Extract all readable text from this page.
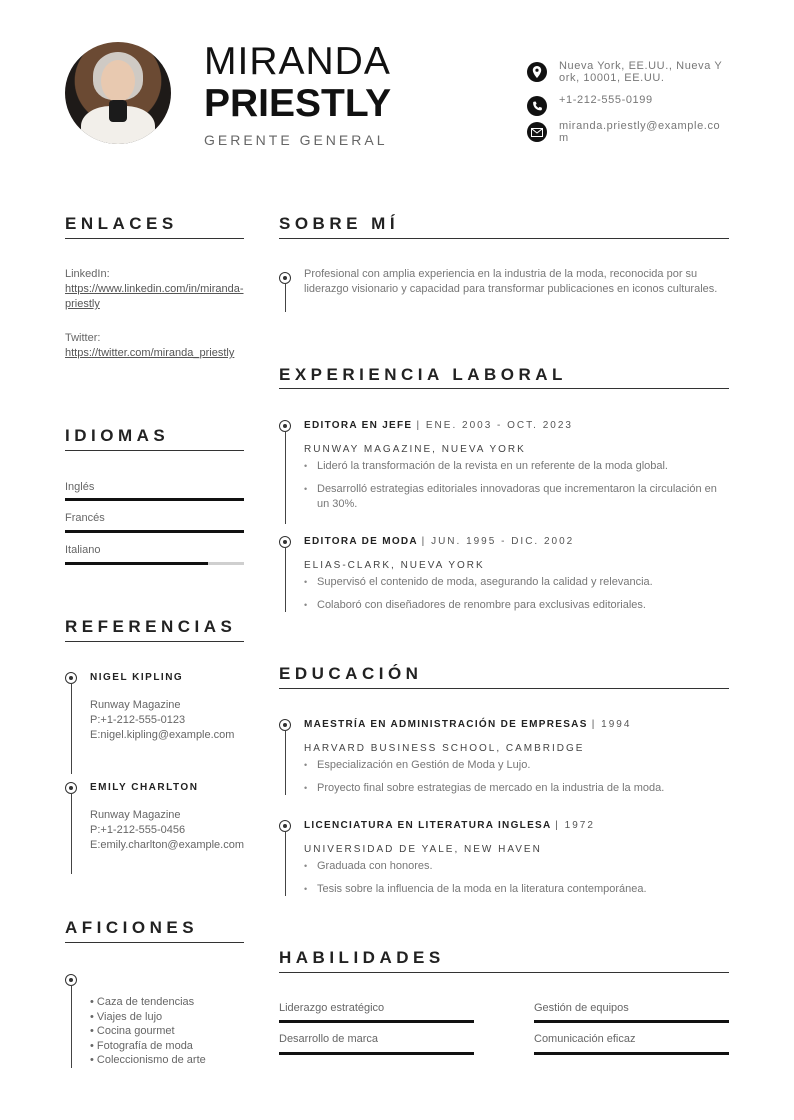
MIRANDA
PRIESTLY
GERENTE GENERAL
Nueva York, EE.UU., Nueva York, 10001, EE.UU.
+1-212-555-0199
miranda.priestly@example.com
ENLACES
LinkedIn:
https://www.linkedin.com/in/miranda-priestly
Twitter:
https://twitter.com/miranda_priestly
IDIOMAS
Inglés
Francés
Italiano
REFERENCIAS
NIGEL KIPLING
Runway Magazine
P:+1-212-555-0123
E:nigel.kipling@example.com
EMILY CHARLTON
Runway Magazine
P:+1-212-555-0456
E:emily.charlton@example.com
AFICIONES
• Caza de tendencias
• Viajes de lujo
• Cocina gourmet
• Fotografía de moda
• Coleccionismo de arte
SOBRE MÍ
Profesional con amplia experiencia en la industria de la moda, reconocida por su liderazgo visionario y capacidad para transformar publicaciones en iconos culturales.
EXPERIENCIA LABORAL
EDITORA EN JEFE | ENE. 2003 - OCT. 2023
RUNWAY MAGAZINE, NUEVA YORK
• Lideró la transformación de la revista en un referente de la moda global.
• Desarrolló estrategias editoriales innovadoras que incrementaron la circulación en un 30%.
EDITORA DE MODA | JUN. 1995 - DIC. 2002
ELIAS-CLARK, NUEVA YORK
• Supervisó el contenido de moda, asegurando la calidad y relevancia.
• Colaboró con diseñadores de renombre para exclusivas editoriales.
EDUCACIÓN
MAESTRÍA EN ADMINISTRACIÓN DE EMPRESAS | 1994
HARVARD BUSINESS SCHOOL, CAMBRIDGE
• Especialización en Gestión de Moda y Lujo.
• Proyecto final sobre estrategias de mercado en la industria de la moda.
LICENCIATURA EN LITERATURA INGLESA | 1972
UNIVERSIDAD DE YALE, NEW HAVEN
• Graduada con honores.
• Tesis sobre la influencia de la moda en la literatura contemporánea.
HABILIDADES
Liderazgo estratégico	Gestión de equipos
Desarrollo de marca	Comunicación eficaz
